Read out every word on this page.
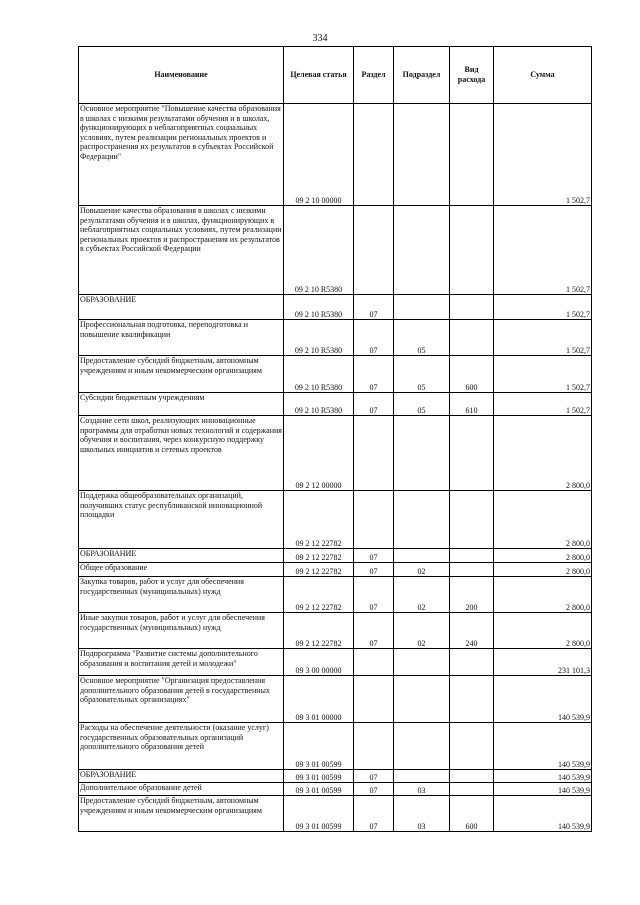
334
Наименование	Целевая статья	Раздел	Подраздел	Вид расхода	Сумма
Основное мероприятие "Повышение качества образования в школах с низкими результатами обучения и в школах, функционирующих в неблагоприятных социальных условиях, путем реализации региональных проектов и распространения их результатов в субъектах Российской Федерации"	09 2 10 00000				1 502,7
Повышение качества образования в школах с низкими результатами обучения и в школах, функционирующих в неблагоприятных социальных условиях, путем реализации региональных проектов и распространения их результатов в субъектах Российской Федерации	09 2 10 R5380				1 502,7
ОБРАЗОВАНИЕ	09 2 10 R5380	07			1 502,7
Профессиональная подготовка, переподготовка и повышение квалификации	09 2 10 R5380	07	05		1 502,7
Предоставление субсидий бюджетным, автономным учреждениям и иным некоммерческим организациям	09 2 10 R5380	07	05	600	1 502,7
Субсидии бюджетным учреждениям	09 2 10 R5380	07	05	610	1 502,7
Создание сети школ, реализующих инновационные программы для отработки новых технологий и содержания обучения и воспитания, через конкурсную поддержку школьных инициатив и сетевых проектов	09 2 12 00000				2 800,0
Поддержка общеобразовательных организаций, получивших статус республиканской инновационной площадки	09 2 12 22782				2 800,0
ОБРАЗОВАНИЕ	09 2 12 22782	07			2 800,0
Общее образование	09 2 12 22782	07	02		2 800,0
Закупка товаров, работ и услуг для обеспечения государственных (муниципальных) нужд	09 2 12 22782	07	02	200	2 800,0
Иные закупки товаров, работ и услуг для обеспечения государственных (муниципальных) нужд	09 2 12 22782	07	02	240	2 800,0
Подпрограмма "Развитие системы дополнительного образования и воспитания детей и молодежи"	09 3 00 00000				231 101,3
Основное мероприятие "Организация предоставления дополнительного образования детей в государственных образовательных организациях"	09 3 01 00000				140 539,9
Расходы на обеспечение деятельности (оказание услуг) государственных образовательных организаций дополнительного образования детей	09 3 01 00599				140 539,9
ОБРАЗОВАНИЕ	09 3 01 00599	07			140 539,9
Дополнительное образование детей	09 3 01 00599	07	03		140 539,9
Предоставление субсидий бюджетным, автономным учреждениям и иным некоммерческим организациям	09 3 01 00599	07	03	600	140 539,9
